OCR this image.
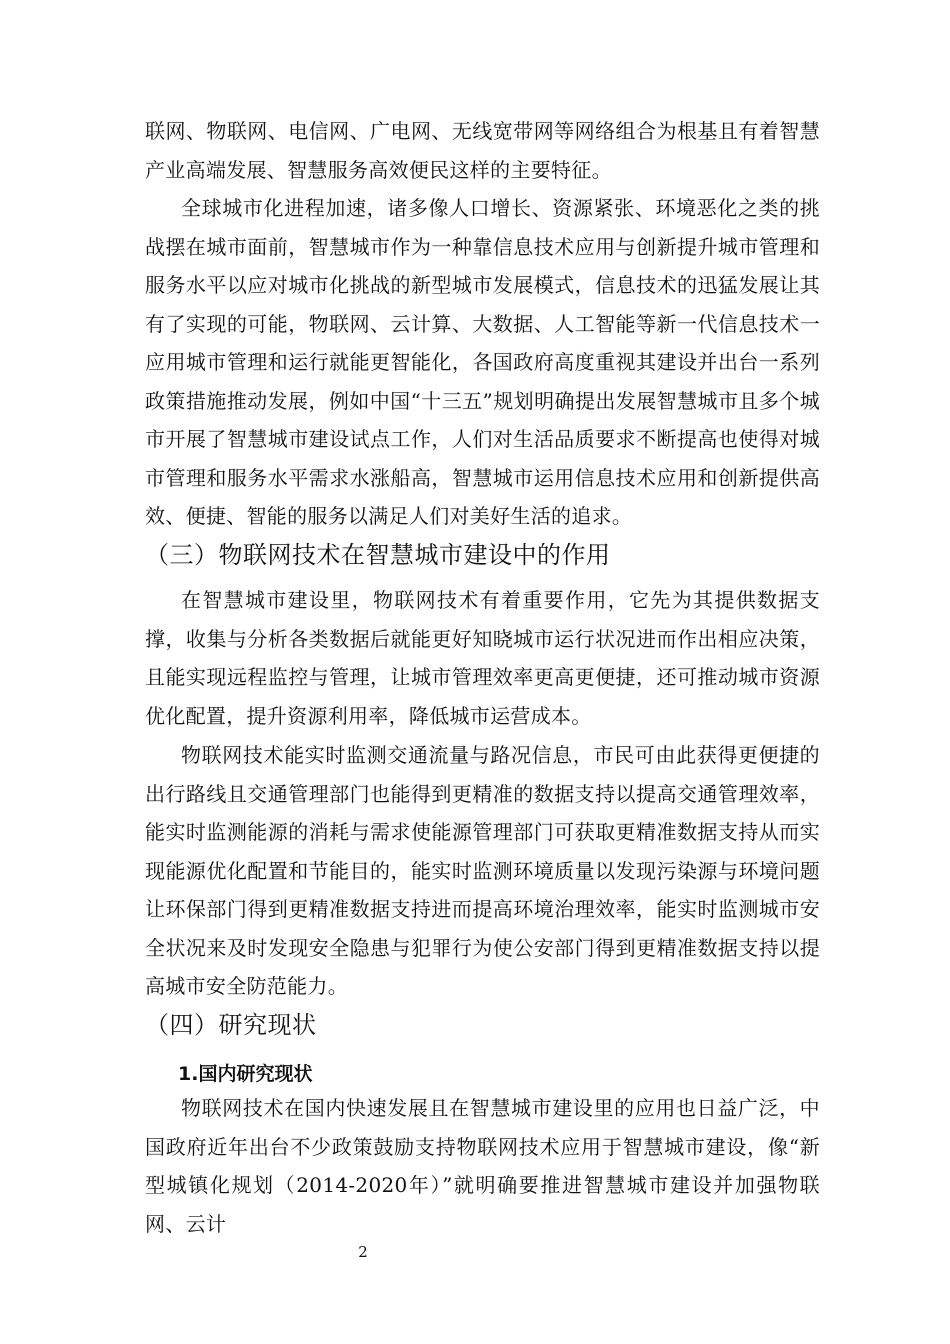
联网、物联网、电信网、广电网、无线宽带网等网络组合为根基且有着智慧产业高端发展、智慧服务高效便民这样的主要特征。

全球城市化进程加速，诸多像人口增长、资源紧张、环境恶化之类的挑战摆在城市面前，智慧城市作为一种靠信息技术应用与创新提升城市管理和服务水平以应对城市化挑战的新型城市发展模式，信息技术的迅猛发展让其有了实现的可能，物联网、云计算、大数据、人工智能等新一代信息技术一应用城市管理和运行就能更智能化，各国政府高度重视其建设并出台一系列政策措施推动发展，例如中国“十三五”规划明确提出发展智慧城市且多个城市开展了智慧城市建设试点工作，人们对生活品质要求不断提高也使得对城市管理和服务水平需求水涨船高，智慧城市运用信息技术应用和创新提供高效、便捷、智能的服务以满足人们对美好生活的追求。

（三）物联网技术在智慧城市建设中的作用

在智慧城市建设里，物联网技术有着重要作用，它先为其提供数据支撑，收集与分析各类数据后就能更好知晓城市运行状况进而作出相应决策，且能实现远程监控与管理，让城市管理效率更高更便捷，还可推动城市资源优化配置，提升资源利用率，降低城市运营成本。

物联网技术能实时监测交通流量与路况信息，市民可由此获得更便捷的出行路线且交通管理部门也能得到更精准的数据支持以提高交通管理效率，能实时监测能源的消耗与需求使能源管理部门可获取更精准数据支持从而实现能源优化配置和节能目的，能实时监测环境质量以发现污染源与环境问题让环保部门得到更精准数据支持进而提高环境治理效率，能实时监测城市安全状况来及时发现安全隐患与犯罪行为使公安部门得到更精准数据支持以提高城市安全防范能力。

（四）研究现状
1.国内研究现状

物联网技术在国内快速发展且在智慧城市建设里的应用也日益广泛，中国政府近年出台不少政策鼓励支持物联网技术应用于智慧城市建设，像“新型城镇化规划（2014-2020年）”就明确要推进智慧城市建设并加强物联网、云计

2
